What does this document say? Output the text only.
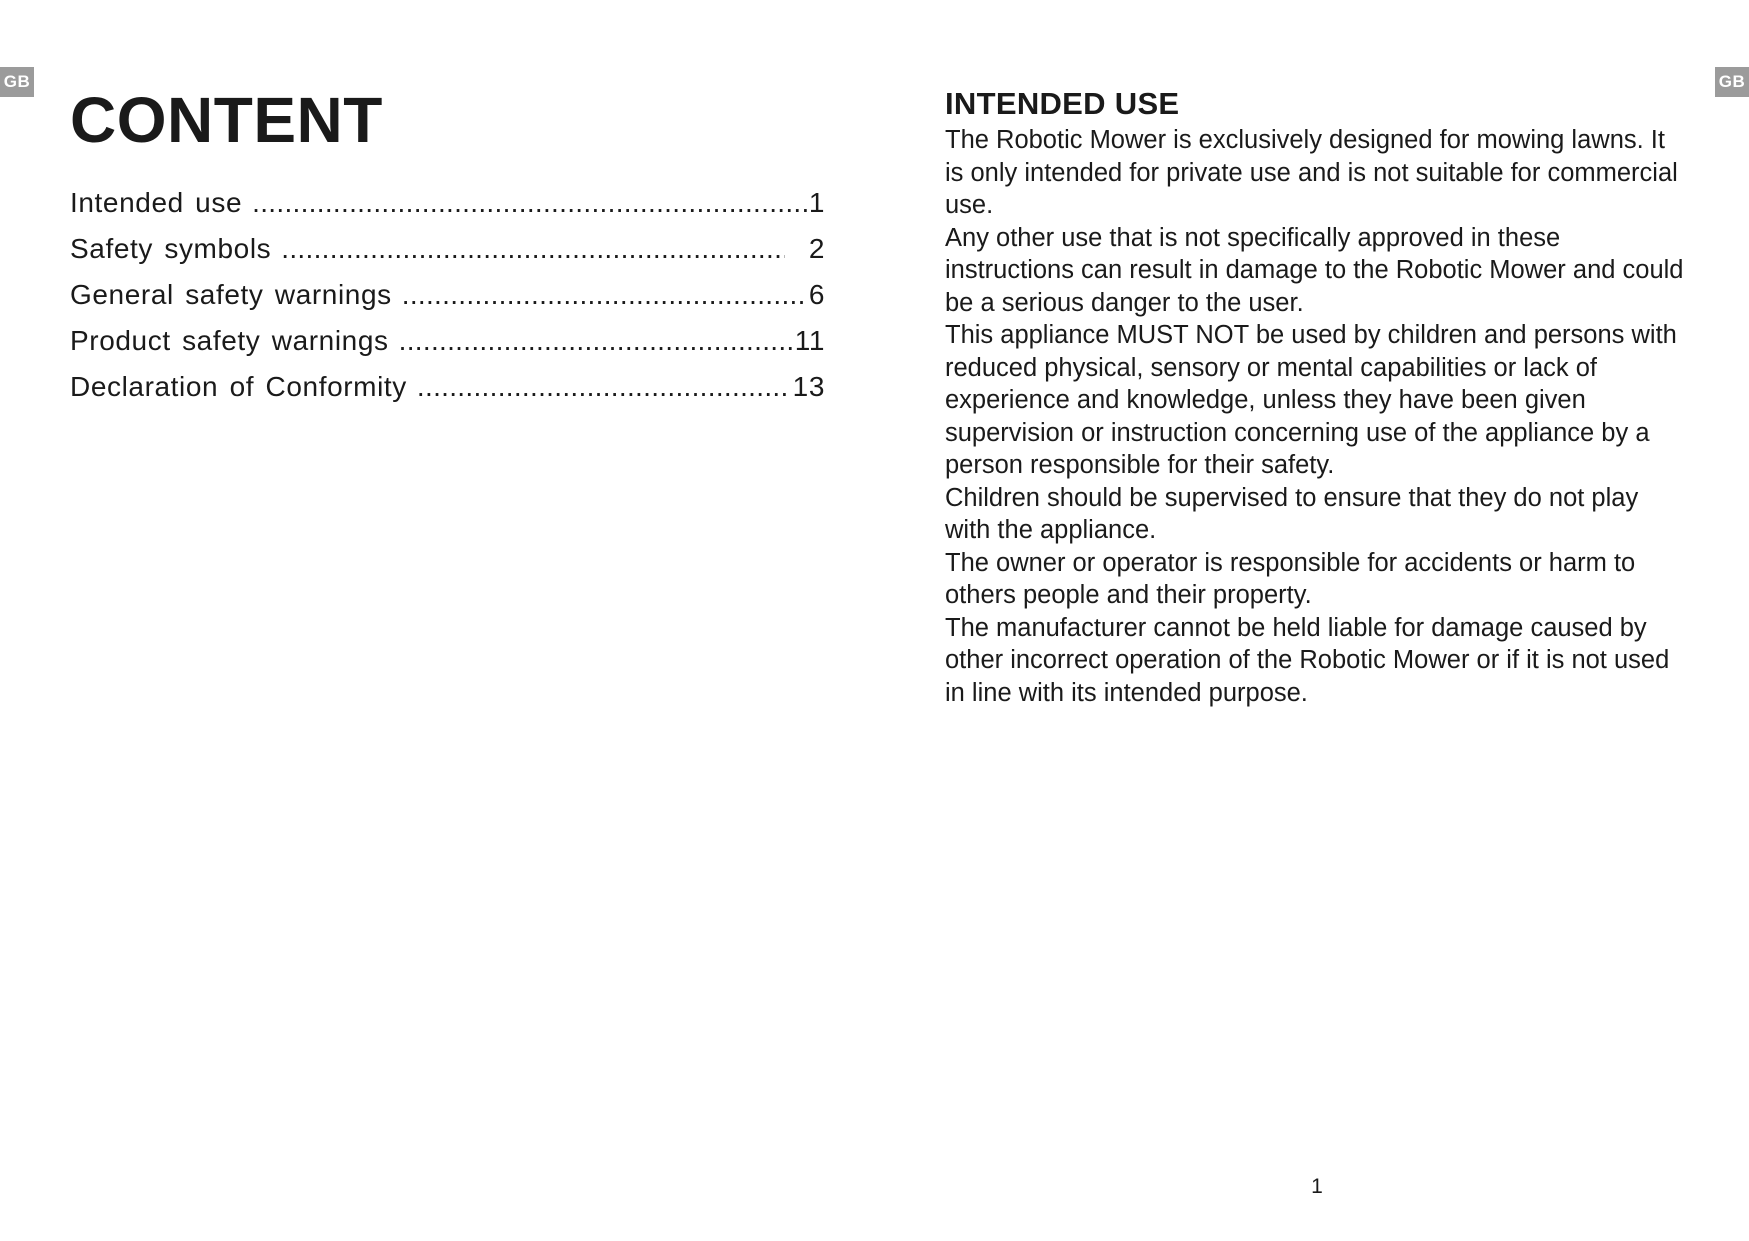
GB	GB
CONTENT
Intended use .....	1
Safety symbols .....	2
General safety warnings .....	6
Product safety warnings .....	11
Declaration of Conformity .....	13
INTENDED USE

The Robotic Mower is exclusively designed for mowing lawns. It is only intended for private use and is not suitable for commercial use.

Any other use that is not specifically approved in these instructions can result in damage to the Robotic Mower and could be a serious danger to the user.

This appliance MUST NOT be used by children and persons with reduced physical, sensory or mental capabilities or lack of experience and knowledge, unless they have been given supervision or instruction concerning use of the appliance by a person responsible for their safety.

Children should be supervised to ensure that they do not play with the appliance.

The owner or operator is responsible for accidents or harm to others people and their property.

The manufacturer cannot be held liable for damage caused by other incorrect operation of the Robotic Mower or if it is not used in line with its intended purpose.

1
